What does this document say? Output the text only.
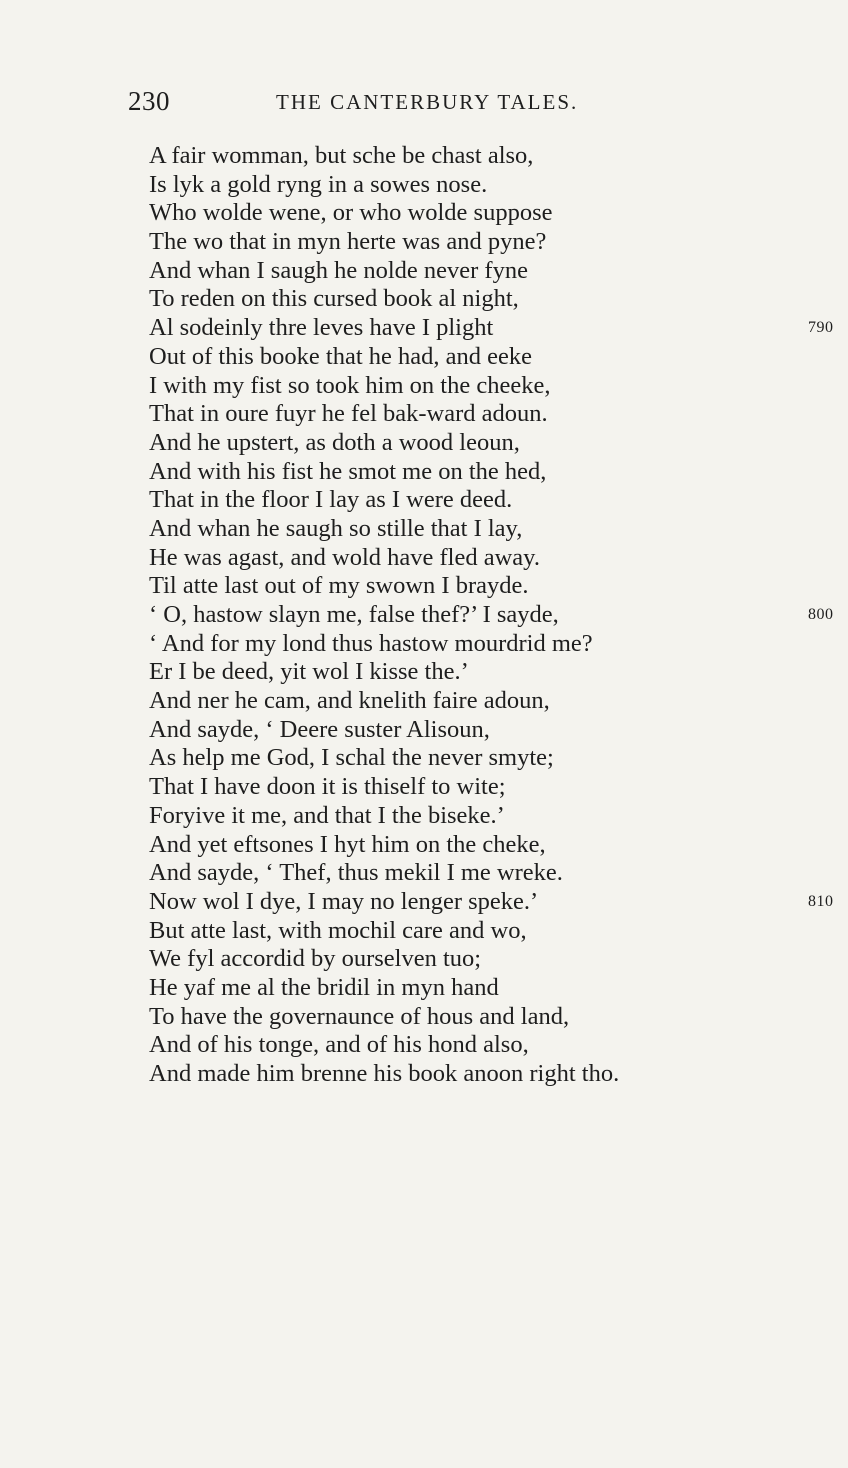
230	THE CANTERBURY TALES.
A fair womman, but sche be chast also,
Is lyk a gold ryng in a sowes nose.
Who wolde wene, or who wolde suppose
The wo that in myn herte was and pyne?
And whan I saugh he nolde never fyne
To reden on this cursed book al night,
Al sodeinly thre leves have I plight	790
Out of this booke that he had, and eeke
I with my fist so took him on the cheeke,
That in oure fuyr he fel bak-ward adoun.
And he upstert, as doth a wood leoun,
And with his fist he smot me on the hed,
That in the floor I lay as I were deed.
And whan he saugh so stille that I lay,
He was agast, and wold have fled away.
Til atte last out of my swown I brayde.
‘ O, hastow slayn me, false thef?’ I sayde,	800
‘ And for my lond thus hastow mourdrid me?
Er I be deed, yit wol I kisse the.’
And ner he cam, and knelith faire adoun,
And sayde, ‘ Deere suster Alisoun,
As help me God, I schal the never smyte;
That I have doon it is thiself to wite;
Foryive it me, and that I the biseke.’
And yet eftsones I hyt him on the cheke,
And sayde, ‘ Thef, thus mekil I me wreke.
Now wol I dye, I may no lenger speke.’	810
But atte last, with mochil care and wo,
We fyl accordid by ourselven tuo;
He yaf me al the bridil in myn hand
To have the governaunce of hous and land,
And of his tonge, and of his hond also,
And made him brenne his book anoon right tho.
